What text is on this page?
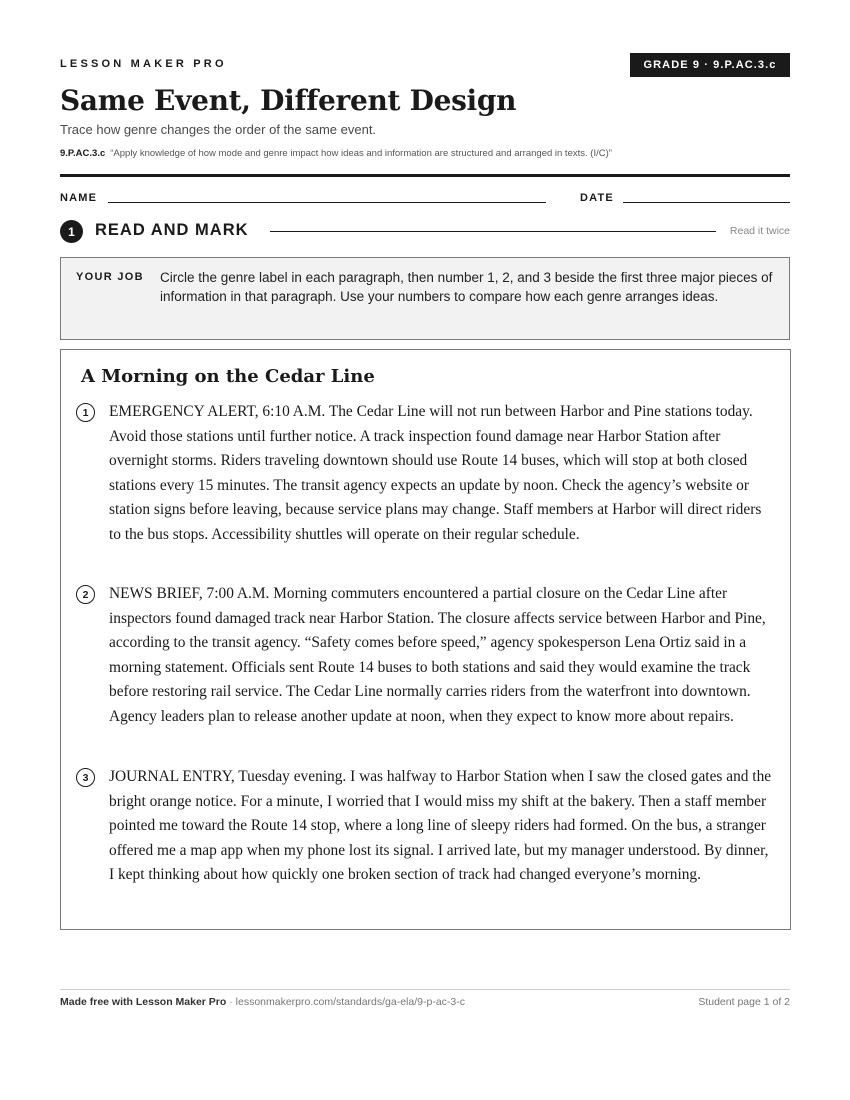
LESSON MAKER PRO	GRADE 9 · 9.P.AC.3.c
Same Event, Different Design
Trace how genre changes the order of the same event.
9.P.AC.3.c “Apply knowledge of how mode and genre impact how ideas and information are structured and arranged in texts. (I/C)”
NAME	DATE
1	READ AND MARK	Read it twice
YOUR JOB Circle the genre label in each paragraph, then number 1, 2, and 3 beside the first three major pieces of information in that paragraph. Use your numbers to compare how each genre arranges ideas.
A Morning on the Cedar Line
1	EMERGENCY ALERT, 6:10 A.M. The Cedar Line will not run between Harbor and Pine stations today. Avoid those stations until further notice. A track inspection found damage near Harbor Station after overnight storms. Riders traveling downtown should use Route 14 buses, which will stop at both closed stations every 15 minutes. The transit agency expects an update by noon. Check the agency’s website or station signs before leaving, because service plans may change. Staff members at Harbor will direct riders to the bus stops. Accessibility shuttles will operate on their regular schedule.
2	NEWS BRIEF, 7:00 A.M. Morning commuters encountered a partial closure on the Cedar Line after inspectors found damaged track near Harbor Station. The closure affects service between Harbor and Pine, according to the transit agency. “Safety comes before speed,” agency spokesperson Lena Ortiz said in a morning statement. Officials sent Route 14 buses to both stations and said they would examine the track before restoring rail service. The Cedar Line normally carries riders from the waterfront into downtown. Agency leaders plan to release another update at noon, when they expect to know more about repairs.
3	JOURNAL ENTRY, Tuesday evening. I was halfway to Harbor Station when I saw the closed gates and the bright orange notice. For a minute, I worried that I would miss my shift at the bakery. Then a staff member pointed me toward the Route 14 stop, where a long line of sleepy riders had formed. On the bus, a stranger offered me a map app when my phone lost its signal. I arrived late, but my manager understood. By dinner, I kept thinking about how quickly one broken section of track had changed everyone’s morning.
Made free with Lesson Maker Pro · lessonmakerpro.com/standards/ga-ela/9-p-ac-3-c	Student page 1 of 2
